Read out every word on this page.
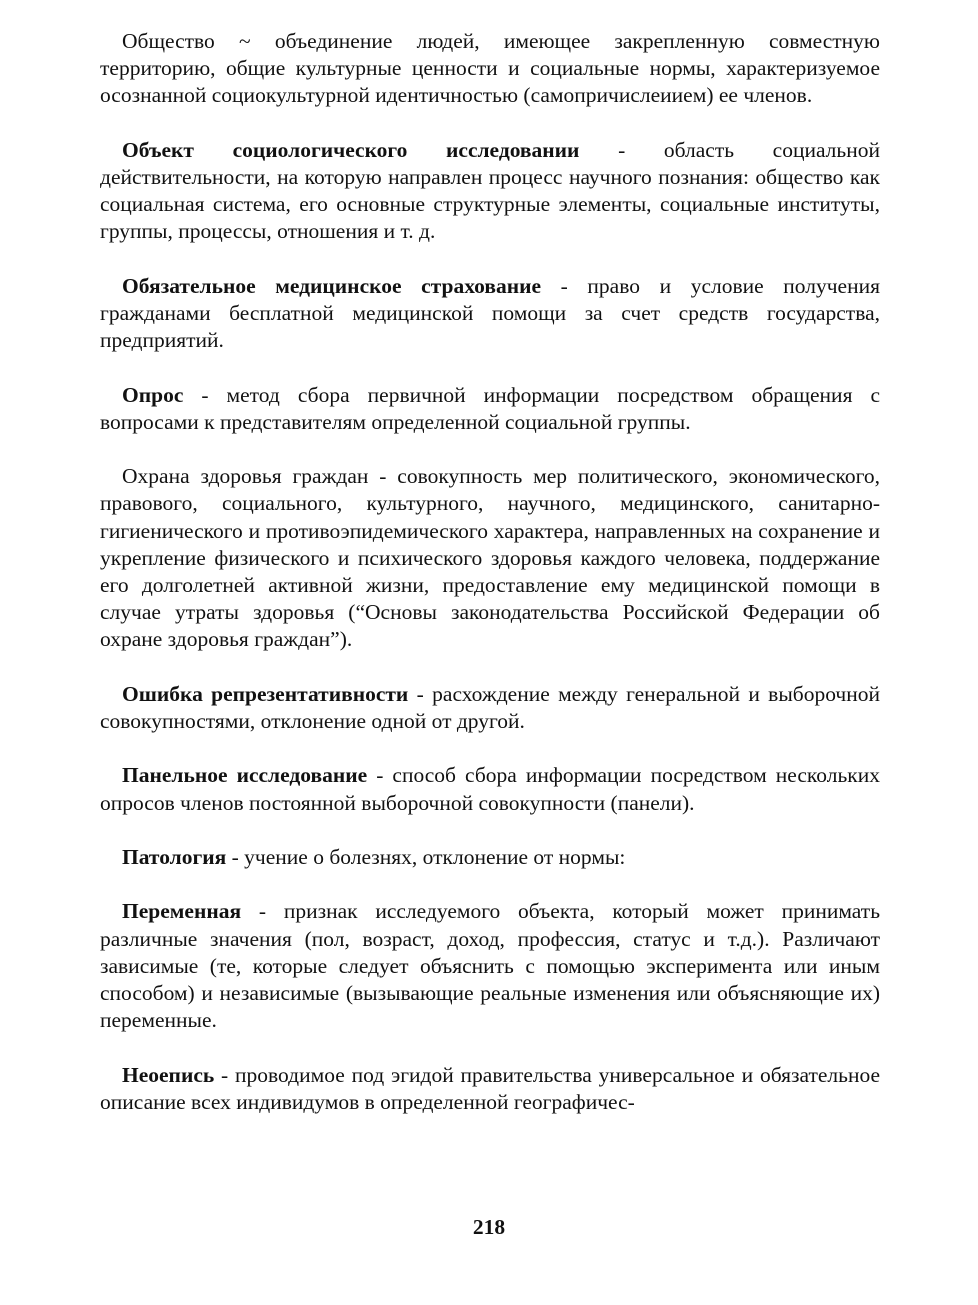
Общество ~ объединение людей, имеющее закрепленную совместную территорию, общие культурные ценности и социальные нормы, характеризуемое осознанной социокультурной идентичностью (самопричислеиием) ее членов.

Объект социологического исследовании - область социальной действительности, на которую направлен процесс научного познания: общество как социальная система, его основные структурные элементы, социальные институты, группы, процессы, отношения и т. д.

Обязательное медицинское страхование - право и условие получения гражданами бесплатной медицинской помощи за счет средств государства, предприятий.

Опрос - метод сбора первичной информации посредством обращения с вопросами к представителям определенной социальной группы.

Охрана здоровья граждан - совокупность мер политического, экономического, правового, социального, культурного, научного, медицинского, санитарно- гигиенического и противоэпидемического характера, направленных на сохранение и укрепление физического и психического здоровья каждого человека, поддержание его долголетней активной жизни, предоставление ему медицинской помощи в случае утраты здоровья (“Основы законодательства Российской Федерации об охране здоровья граждан”).

Ошибка репрезентативности - расхождение между генеральной и выборочной совокупностями, отклонение одной от другой.

Панельное исследование - способ сбора информации посредством нескольких опросов членов постоянной выборочной совокупности (панели).

Патология - учение о болезнях, отклонение от нормы:

Переменная - признак исследуемого объекта, который может принимать различные значения (пол, возраст, доход, профессия, статус и т.д.). Различают зависимые (те, которые следует объяснить с помощью эксперимента или иным способом) и независимые (вызывающие реальные изменения или объясняющие их) переменные.

Неоепись - проводимое под эгидой правительства универсальное и обязательное описание всех индивидумов в определенной географичес-

218
